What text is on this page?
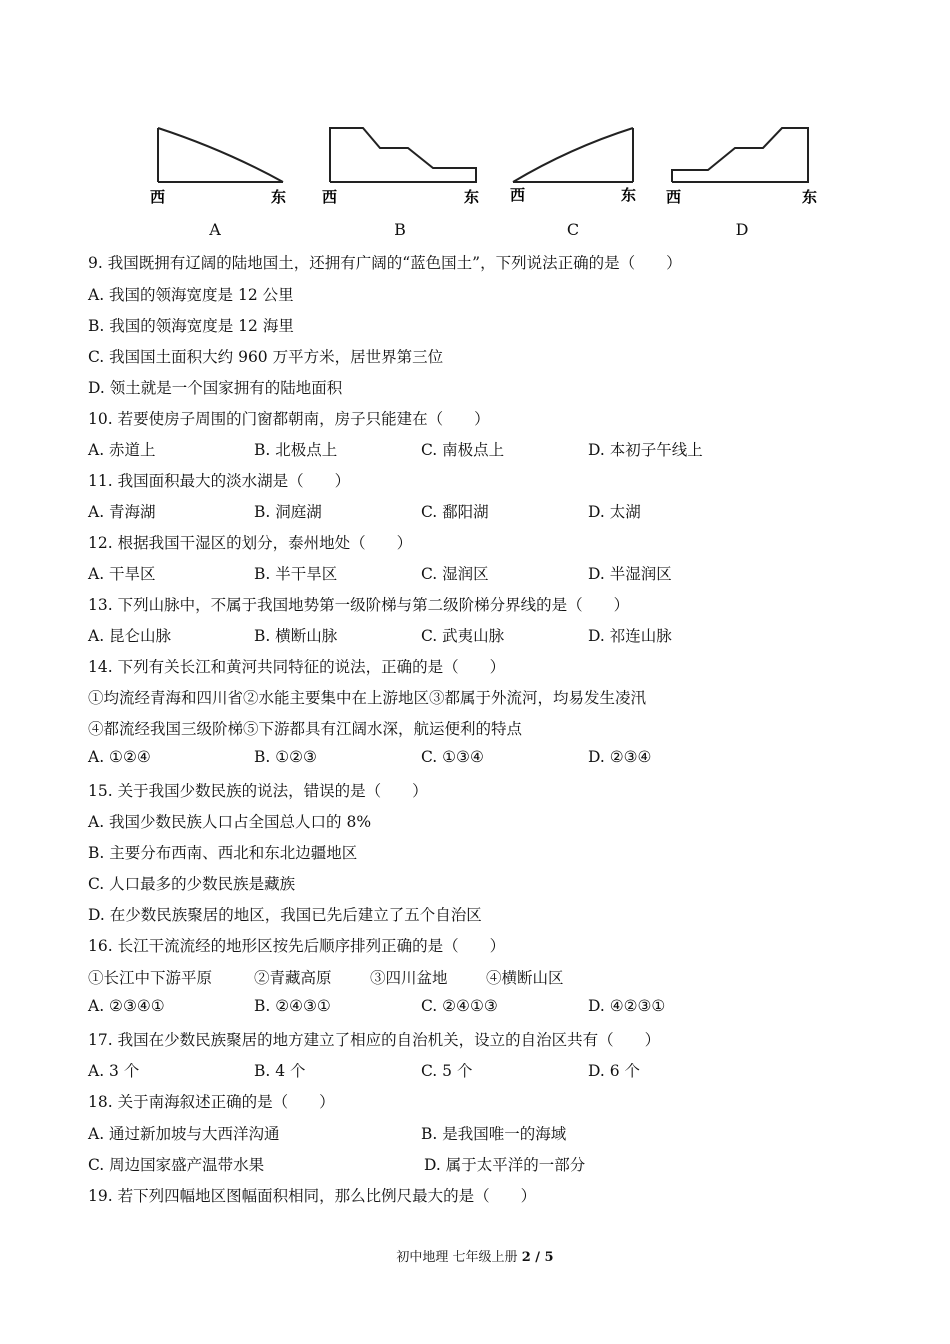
西	东 西	东 西	东 西	东
A	B	C	D
9. 我国既拥有辽阔的陆地国土，还拥有广阔的“蓝色国土”，下列说法正确的是（　　）
A. 我国的领海宽度是 12 公里
B. 我国的领海宽度是 12 海里
C. 我国国土面积大约 960 万平方米，居世界第三位
D. 领土就是一个国家拥有的陆地面积
10. 若要使房子周围的门窗都朝南，房子只能建在（　　）
A. 赤道上	B. 北极点上	C. 南极点上	D. 本初子午线上
11. 我国面积最大的淡水湖是（　　）
A. 青海湖	B. 洞庭湖	C. 鄱阳湖	D. 太湖
12. 根据我国干湿区的划分，泰州地处（　　）
A. 干旱区	B. 半干旱区	C. 湿润区	D. 半湿润区
13. 下列山脉中，不属于我国地势第一级阶梯与第二级阶梯分界线的是（　　）
A. 昆仑山脉	B. 横断山脉	C. 武夷山脉	D. 祁连山脉
14. 下列有关长江和黄河共同特征的说法，正确的是（　　）
①均流经青海和四川省②水能主要集中在上游地区③都属于外流河，均易发生凌汛
④都流经我国三级阶梯⑤下游都具有江阔水深，航运便利的特点
A. ①②④	B. ①②③	C. ①③④	D. ②③④
15. 关于我国少数民族的说法，错误的是（　　）
A. 我国少数民族人口占全国总人口的 8%
B. 主要分布西南、西北和东北边疆地区
C. 人口最多的少数民族是藏族
D. 在少数民族聚居的地区，我国已先后建立了五个自治区
16. 长江干流流经的地形区按先后顺序排列正确的是（　　）
①长江中下游平原	②青藏高原 ③四川盆地 ④横断山区
A. ②③④①	B. ②④③①	C. ②④①③	D. ④②③①
17. 我国在少数民族聚居的地方建立了相应的自治机关，设立的自治区共有（　　）
A. 3 个	B. 4 个	C. 5 个	D. 6 个
18. 关于南海叙述正确的是（　　）
A. 通过新加坡与大西洋沟通	B. 是我国唯一的海域
C. 周边国家盛产温带水果	D. 属于太平洋的一部分
19. 若下列四幅地区图幅面积相同，那么比例尺最大的是（　　）
初中地理 七年级上册 2 / 5
